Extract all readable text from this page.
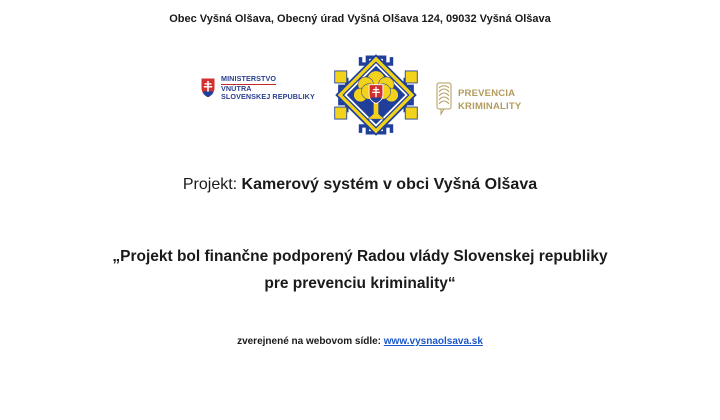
Obec Vyšná Olšava, Obecný úrad Vyšná Olšava 124, 09032 Vyšná Olšava
MINISTERSTVO
VNÚTRA
SLOVENSKEJ REPUBLIKY	PREVENCIA
KRIMINALITY
Projekt: Kamerový systém v obci Vyšná Olšava
„Projekt bol finančne podporený Radou vlády Slovenskej republiky
pre prevenciu kriminality“
zverejnené na webovom sídle: www.vysnaolsava.sk
